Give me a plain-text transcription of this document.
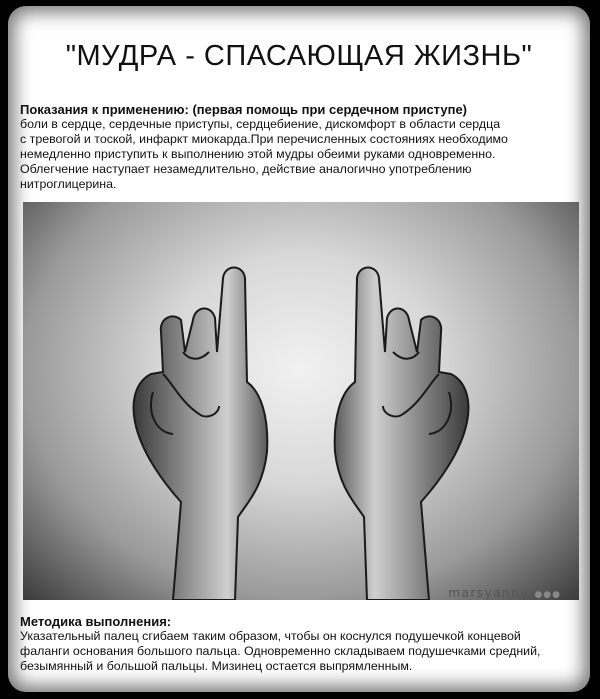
"МУДРА - СПАСАЮЩАЯ ЖИЗНЬ"
Показания к применению: (первая помощь при сердечном приступе)
боли в сердце, сердечные приступы, сердцебиение, дискомфорт в области сердца
с тревогой и тоской, инфаркт миокарда.При перечисленных состояниях необходимо
немедленно приступить к выполнению этой мудры обеими руками одновременно.
Облегчение наступает незамедлительно, действие аналогично употреблению
нитроглицерина.
marsyanna ●●●
Методика выполнения:
Указательный палец сгибаем таким образом, чтобы он коснулся подушечкой концевой
фаланги основания большого пальца. Одновременно складываем подушечками средний,
безымянный и большой пальцы. Мизинец остается выпрямленным.
